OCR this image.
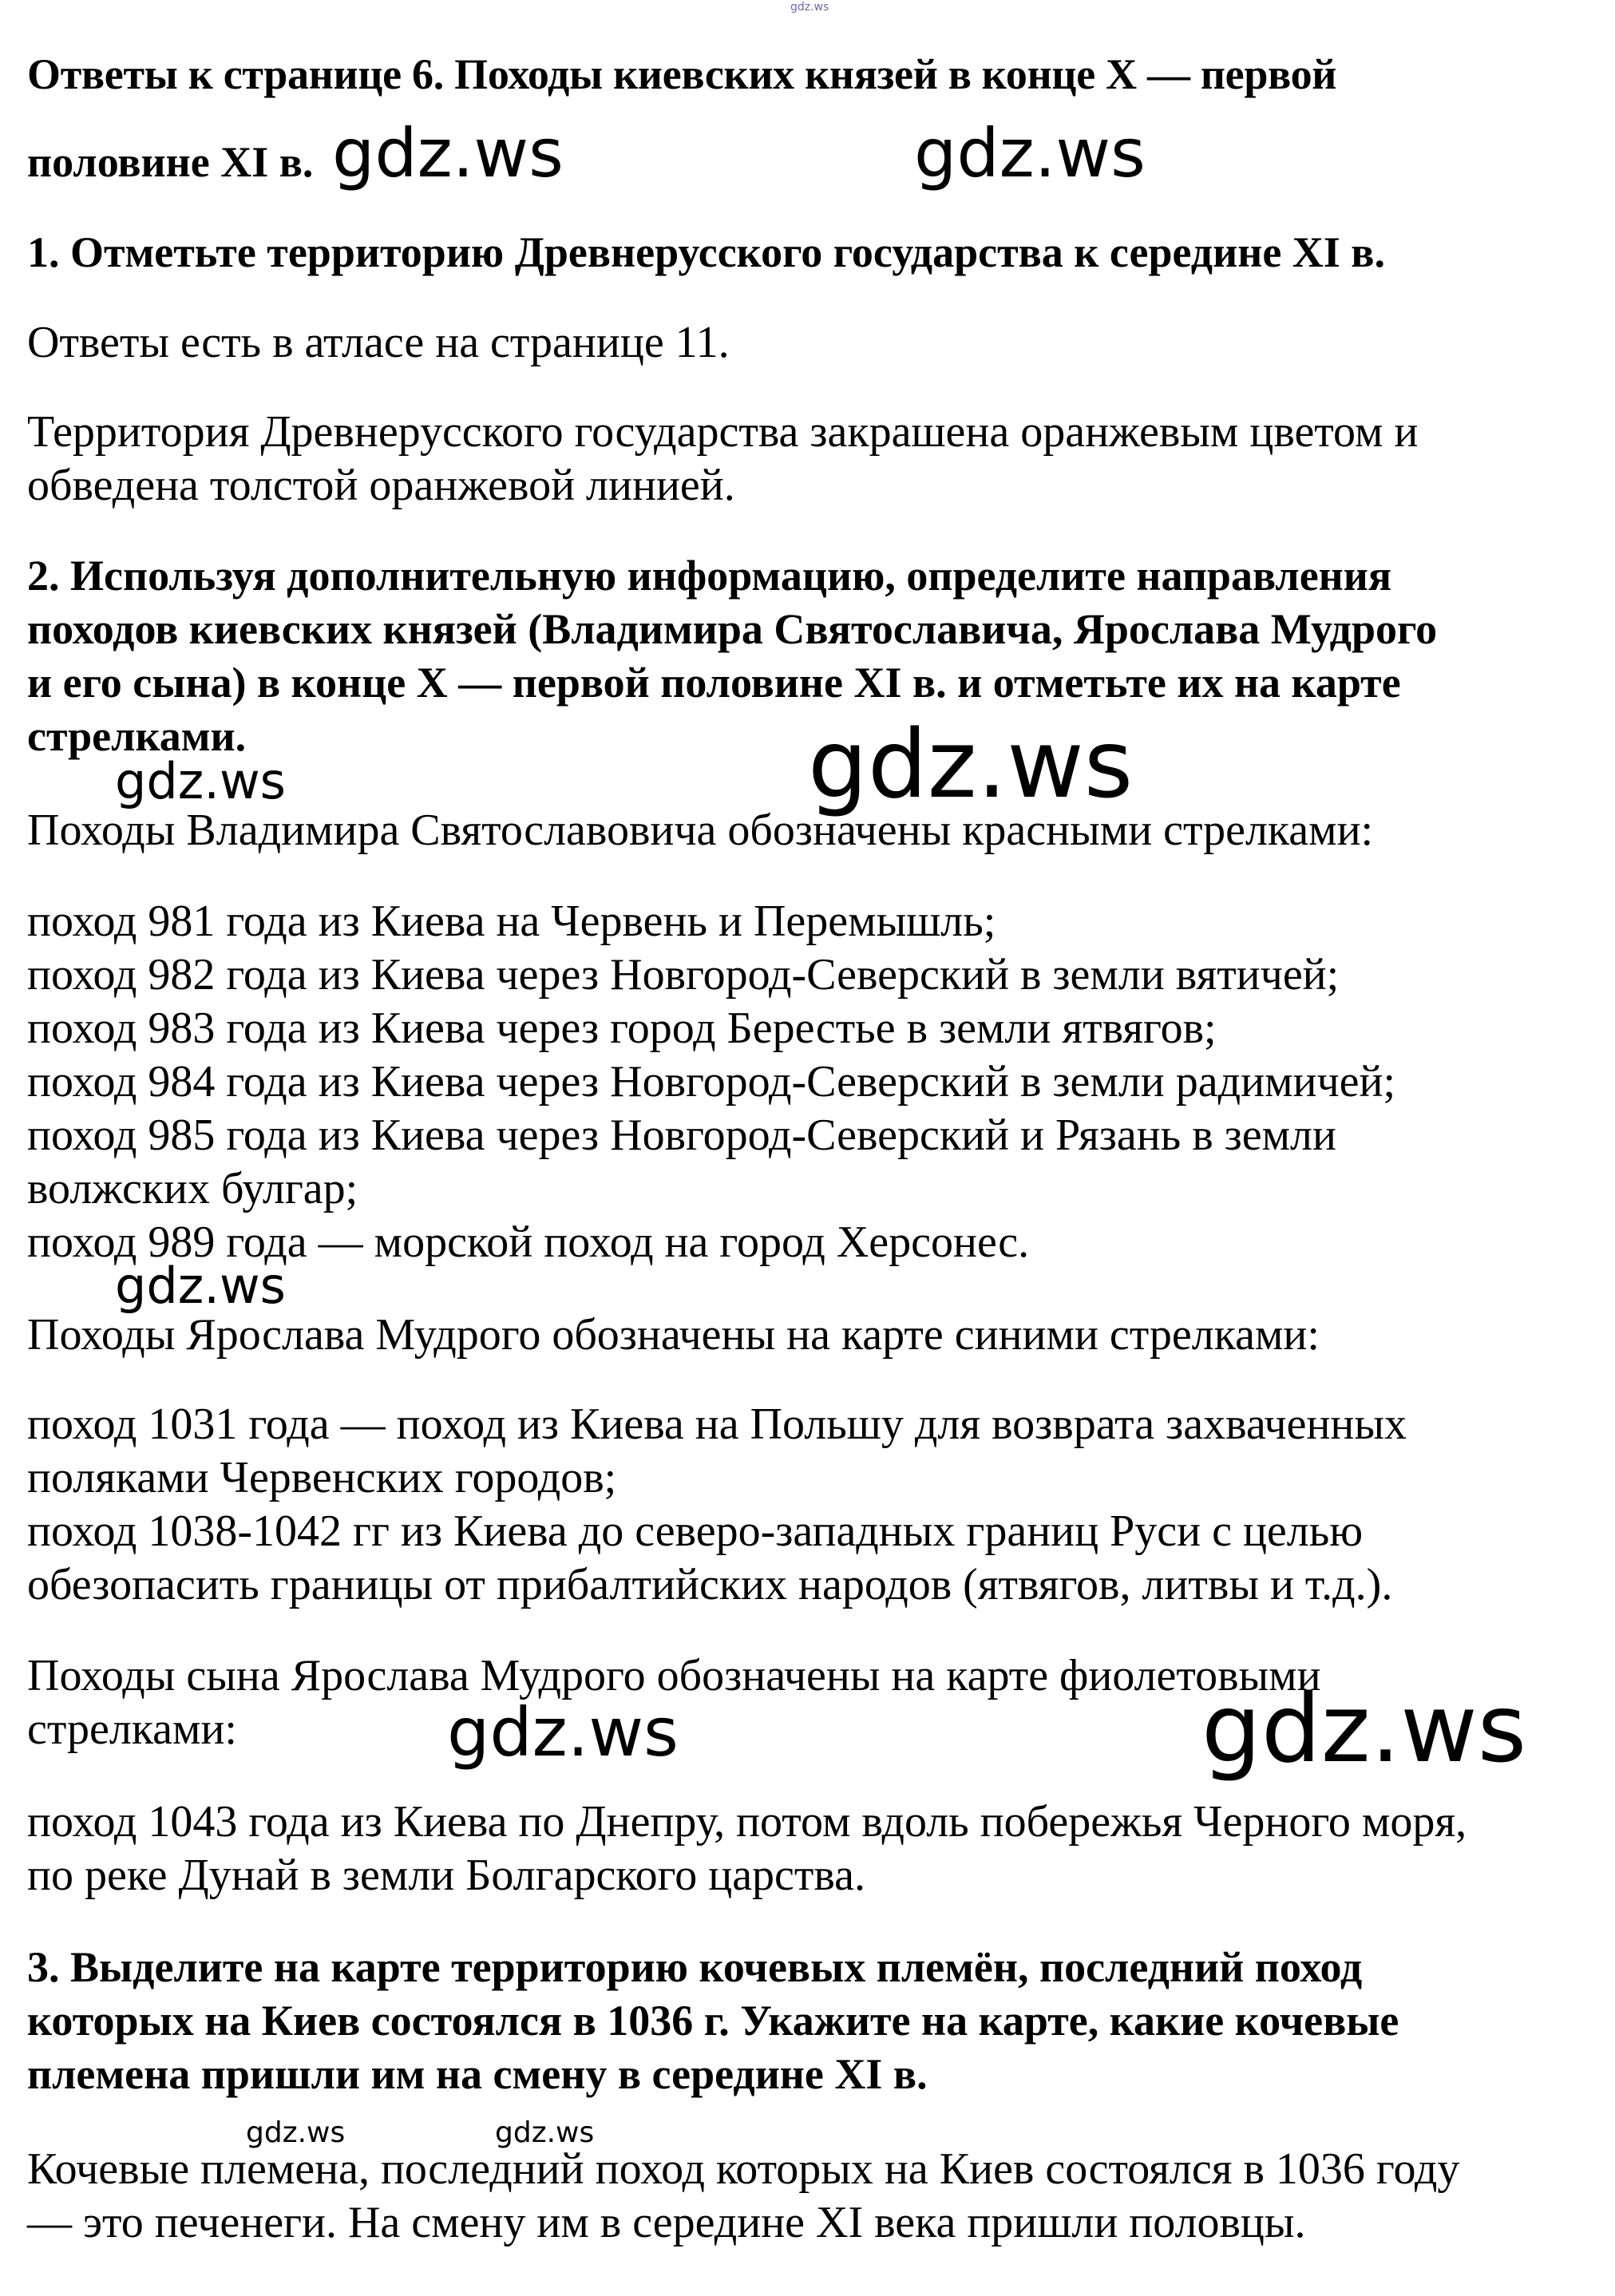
gdz.ws
Ответы к странице 6. Походы киевских князей в конце X — первой
половине XI в.
1. Отметьте территорию Древнерусского государства к середине XI в.
Ответы есть в атласе на странице 11.
Территория Древнерусского государства закрашена оранжевым цветом и
обведена толстой оранжевой линией.
2. Используя дополнительную информацию, определите направления
походов киевских князей (Владимира Святославича, Ярослава Мудрого
и его сына) в конце X — первой половине XI в. и отметьте их на карте
стрелками.
Походы Владимира Святославовича обозначены красными стрелками:
поход 981 года из Киева на Червень и Перемышль;
поход 982 года из Киева через Новгород-Северский в земли вятичей;
поход 983 года из Киева через город Берестье в земли ятвягов;
поход 984 года из Киева через Новгород-Северский в земли радимичей;
поход 985 года из Киева через Новгород-Северский и Рязань в земли
волжских булгар;
поход 989 года — морской поход на город Херсонес.
Походы Ярослава Мудрого обозначены на карте синими стрелками:
поход 1031 года — поход из Киева на Польшу для возврата захваченных
поляками Червенских городов;
поход 1038-1042 гг из Киева до северо-западных границ Руси с целью
обезопасить границы от прибалтийских народов (ятвягов, литвы и т.д.).
Походы сына Ярослава Мудрого обозначены на карте фиолетовыми
стрелками:
поход 1043 года из Киева по Днепру, потом вдоль побережья Черного моря,
по реке Дунай в земли Болгарского царства.
3. Выделите на карте территорию кочевых племён, последний поход
которых на Киев состоялся в 1036 г. Укажите на карте, какие кочевые
племена пришли им на смену в середине XI в.
Кочевые племена, последний поход которых на Киев состоялся в 1036 году
— это печенеги. На смену им в середине XI века пришли половцы.
gdz.ws	gdz.ws
gdz.ws	gdz.ws
gdz.ws
gdz.ws	gdz.ws
gdz.ws	gdz.ws
